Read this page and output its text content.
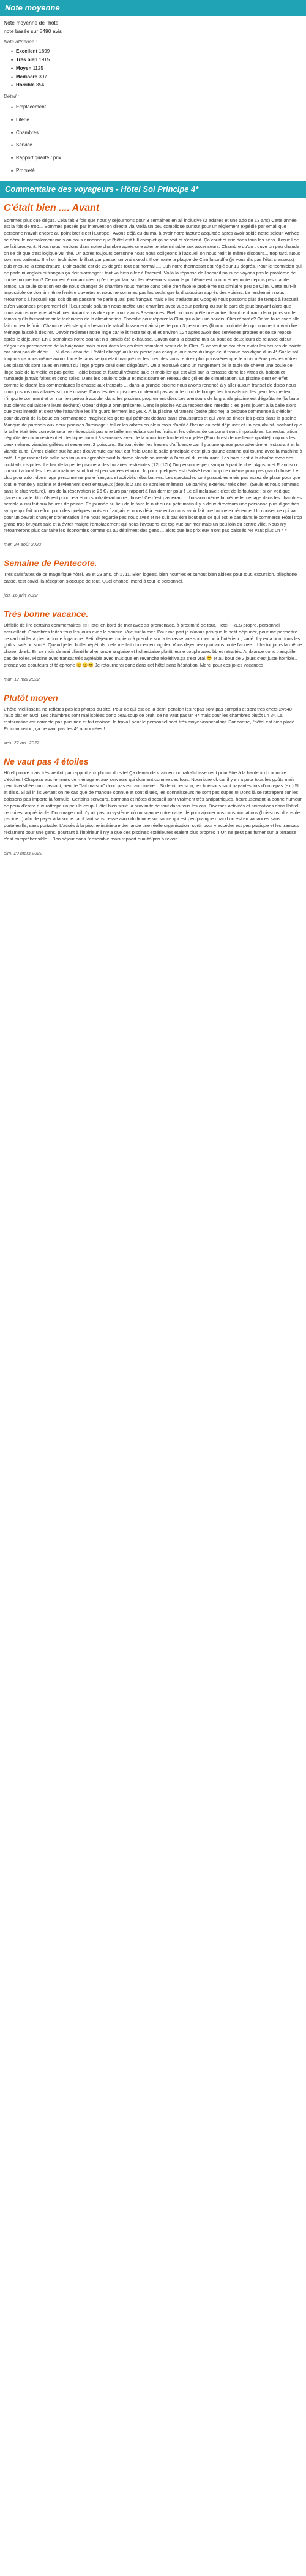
Note moyenne
Note moyenne de l'hôtel
note basée sur 5490 avis
Note attribuée :
• Excellent 1699
• Très bien 1915
• Moyen 1125
• Médiocre 397
• Horrible 354
Détail :
• Emplacement
• Literie
• Chambres
• Service
• Rapport qualité / prix
• Propreté
Commentaire des voyageurs - Hôtel Sol Principe 4*
C'était bien .... Avant
Sommes plus que déçus. Cela fait 3 fois que nous y séjournons pour 3 semaines en all inclusive (2 adultes et une ado de 13 ans) Cette année est la fois de trop... Sommes passés par intervention directe via Meliá un peu compliqué surtout pour un règlement expédié par email que personne n'avait encore au point bref c'est l'Europe ! Avons déjà eu du mal à avoir notre facture acquittée après avoir soldé notre séjour. Arrivée se déroule normalement mais on nous annonce que l'hôtel est full complet ça se voit et s'entend. Ça court et crie dans tous les sens. Accueil de ce fait brouyant. Nous nous rendons dans notre chambre après une attente interminable aux ascenseurs. Chambre qu'on trouve un peu chaude on se dit que c'est logique vu l'été. Un après toujours personne nous nous obligeons à l'accueil on nous redit le même discours... trop tard. Nous sommes patients. Bref on technicien brillant par passer un vrai sketch. Il démonte la plaque de Clim la souffle (je vous dis pas l'état crasseux) puis mesure la température. L'air craché est de 25 degrés tout est normal .... Euh notre thermostat est réglé sur 10 degrés. Pour le technicien qui ne parle ni anglais ni français ça doit s'arranger : tout va bien allez à l'accueil. Voilà la réponse de l'accueil nous ne voyons pas le problème de qui se moque t-on? Ce qui est étonnant c'est qu'en regardant sur les réseaux sociaux le problème est connu et remonte depuis pas mal de temps. La seule solution est de nous changer de chambre nous mettre dans celle d'en face le problème est similaire peu de Clim. Cette nuit-là impossible de dormir même fenêtre ouvertes et nous ne sommes pas les seuls que la discussion auprès des voisins. Le lendemain nous retournons à l'accueil (qui soit dit en passant ne parle quasi pas français mais e les traducteurs Google) nous passons plus de temps à l'accueil qu'en vacances proprement dit ! Leur seule solution nous mettre une chambre avec vue sur parking ou sur le parc de jeux bruyant alors que nous avions une vue latéral mer. Autant vous dire que nous avons 3 semaines. Bref on nous prête une autre chambre durant deux jours sur le temps qu'ils fassent venir le technicien de la climatisation. Travaille pour réparer la Clim qui a lieu un soucis. Clim réparée? On va faire avec alle fait un peu le froid. Chambre vétuste qui a besoin de rafraîchissement ainsi petite pour 3 personnes (lit non confortable) qui couinent a vrai dire. Ménage laissé à désirer. Devoir réclamer notre linge car le lit reste tel quel et environ 12h après avoir des serviettes propres et de se repose après le déjeuner. En 3 semaines notre souhait n'a jamais été exhaussé. Savon dans la douche mis au bout de deux jours de relance odeur d'égout en permanence de la baignoire mais aussi dans les couloirs semblant sentir de la Clim. Si on veut se doucher éviter les heures de pointe car ainsi pas de débit .... Ni d'eau chaude. L'hôtel changé au lieux pierre pas chaque jour avec du linge de lit trouvé pas digne d'un 4* Sur le sol toujours ça nous même avons forcé le tapis se qui était marqué car les meubles vous rentrez plus poussières que le mois même pas les vôtres. Les placards sont sales en retrait du linge propre celui c'est dégoûtant. On a retrouvé dans un rangement de la table de chevet une boule de linge sale de la vieille et pas petite. Table basse et fauteuil vétuste sale et mobilier qui est vital sur la terrasse donc les vitres du balcon et rambarde jamais faites et donc sales. Dans les couloirs odeur et moisissure en réseau des grilles de climatisation. La piscine c'est en effet comme le disent les commentaires la chasse aux transats ... dans la grande piscine nous avons renoncé à y aller aucun transat de dispo nous nous posons nos affaires sur une chaise. Dans les deux piscines on devrait pas avoir le droit de bouger les transats car les gens les mettent n'importe comment et on n'a rien prévu à accoler dans les piscines proprement dites Les alentours de la grande piscine est dégoûtante (la faute aux clients qui laissent leurs déchets) Odeur d'égout omniprésente. Dans la piscine Aqua respect des interdits : les gens jouent à la balle alors que c'est interdit et c'est vite l'anarchie les life guard ferment les yeux. À la piscine Mirament (petite piscine) la pelouse commence à s'étioler pour devenir de la boue en permanence imaginez les gens qui pétinent dedans sans chaussures et qui vont se rincer les pieds dans la piscine Manque de parasols aux deux piscines Jardinage : tailler les arbres en plein mois d'août à l'heure du petit déjeuner et un peu abusif. sachant que la taille était très correcte cela ne nécessitait pas une taille immédiate car les fruits et les odeurs de carburant sont impossibles. La restauration : dégoûtante choix restreint et identique durant 3 semaines avec de la nourriture froide et surgelée (Flunch est de meilleure qualité) toujours les deux mêmes viandes grillées et seulement 2 poissons. Surtout éviter les heures d'affluence car il y a une queue pour attendre le restaurant et la viande cuite. Évitez d'aller aux heures d'ouverture car tout est froid Dans la salle principale c'est plus qu'une cantine qui tourne avec la machine à café. Le personnel de salle pas toujours agréable sauf la dame blonde souriante à l'accueil du restaurant. Les bars : est à la chaîne avec des cocktails insipides. Le bar de la petite piscine a des horaires restreintes (12h 17h) Du personnel peu sympa à part le chef, Agustin et Francisco qui sont adorables. Les animations sont fort et peu variées et m'ont lu pour quelques est réalisé beaucoup de cinéma pour pas grand chose. Le club pour ado : dommage personne ne parle français et activités rébarbatives. Les spectacles sont passables mais pas assez de place pour que tout le monde y assiste et deviennent c'est ennuyeux (depuis 2 ans ce sont les mêmes). Le parking extérieur très cher ! (Seuls et nous sommes sans le club voiture), lors de la réservation je 26 € / jours par rapport à l'an dernier pour ! Le all inclusive : c'est de la foutaise ; si on voit que glace on va le dit qu'ils est pour cela et on souhaiterait notre chose ! Ce n'est pas exact ... boisson même la même le ménage dans les chambres semble aussi fait aux heures de pointe. En journée au lieu de le faire la nuit ou au petit matin il y a deux directeurs une personne plus digne très sympa qui fait un effort pour des quelques mots en français et nous déjà tenaient a nous avoir fait une bonne expérience. Un conseil ce qui va pour un devrait changer d'orientation il ne nous regarde pas nous avez et ne suit pas être boutique ce qui est le bas dans le commerce Hôtel trop grand trop bruyant sale et à éviter malgré l'emplacement qui nous l'avouons est top vue sur mer mais un peu loin du centre ville. Nous n'y retournerons plus car faire les économies comme ça au détriment des gens ... alors que les prix eux n'ont pas baissés Ne vaut plus un 4 *
mer. 24 août 2022
Semaine de Pentecote.
Très satisfaites de ce magnifique hôtel, 85 et 23 ans, ch 1711. Bien logées, bien nourries et surtout bien aidées pour tout, excursion, téléphone cassé, test covid, la réception s'occupe de tout. Quel chance, merci à tout le personnel.
jeu. 16 juin 2022
Très bonne vacance.
Difficile de lire certains commentaires. !!! Hotel en bord de mer avec sa promenade, à proximité de tout. Hotel TRES propre, personnel accueillant. Chambres faites tous les jours avec le sourire. Vue sur la mer. Pour ma part je n'avais pris que le petit déjeuner, pour me permettre de vadrouiller à pied à droite à gauche. Petit déjeuner copieux à prendre sur la terrasse vue sur mer ou à l'intérieur , varié. Il y en a pour tous les goûts. salé ou sucré. Quand je lis, buffet répétitifs, cela me fait doucement rigoler. Vous déjeunez quoi vous toute l'année... bha toujours la même chose...bref.. En ce mois de mai clientèle allemande anglaise et hollandaise plutôt jeune couple avec bb et retraités. Ambiance donc tranquille, pas de folies. Piscine avec transat très agréable avec musique en revanche répétitive.ça c'est vrai.😊 et au bout de 2 jours c'est juste horrible.. prenez vos écouteurs et téléphone 😊😊😊 Je retournerai donc dans cet hôtel sans hésitation. Merci pour ces jolies vacances.
mar. 17 mai 2022
Plutôt moyen
L'hôtel vieillissant, ne reflètes pas les photos du site. Pour ce qui est de la demi pension les repas sont pas compris et sont très chers 24€40 l'aux plat en 50cl. Les chambres sont mal isolées donc beaucoup de bruit, ce ne vaut pas un 4* mais pour les chambres plutôt un 3*. La restauration est correcte pas plus rien et fait maison, le travail pour le personnel sont très moyen/nonchalant. Par contre, l'hôtel est bien placé. En conclusion, ça ne vaut pas les 4* annoncées !
ven. 22 avr. 2022
Ne vaut pas 4 étoiles
Hôtel propre mais très vieillot par rapport aux photos du site! Ça demande vraiment un rafraîchissement pour être à la hauteur du nombre d'étoiles ! Chapeau aux femmes de ménage et aux serveurs qui donnent comme des fous. Nourriture ok car il y en a pour tous les goûts mais peu diversifiée donc lassant, rien de "fait maison" donc pas extraordinaire... Si demi pension, les boissons sont payantes lors d'un repas (ex:) 5l at d'iso. Si all in ils venant on ne cas que de manque connue et sont dilués, les connaisseurs ne sont pas dupes !!! Donc là se rattrapent sur les boissons pas importe la formule. Certains serveurs, barmans et hôtes d'accueil sont vraiment très antipathiques, heureusement la bonne humeur de peux d'entre eux rattrape un peu le coup. Hôtel bien situé, à proximité de tout dans tous les cas. Diverses activités et animations dans l'hôtel, ce qui est appréciable. Dommage qu'il n'y ait pas un système où on scanne notre carte clé pour ajouter nos consommations (boissons, draps de piscine...) afin de payer à la sortie car il faut sans cesse avoir du liquide sur soi ce qui est peu pratique quand on est en vacances sans portefeuille, sans portable. L'accès à la piscine intérieure demande une réelle organisation, sortir pour y accéder est peu pratique et les transats réclament pour une gens, pourtant à l'intérieur il n'y a que des piscines extérieures étaient plus propres :) On ne peut pas fumer sur la terrasse, c'est compréhensible... Bon séjour dans l'ensemble mais rapport qualité/prix à revoir !
dim. 20 mars 2022
